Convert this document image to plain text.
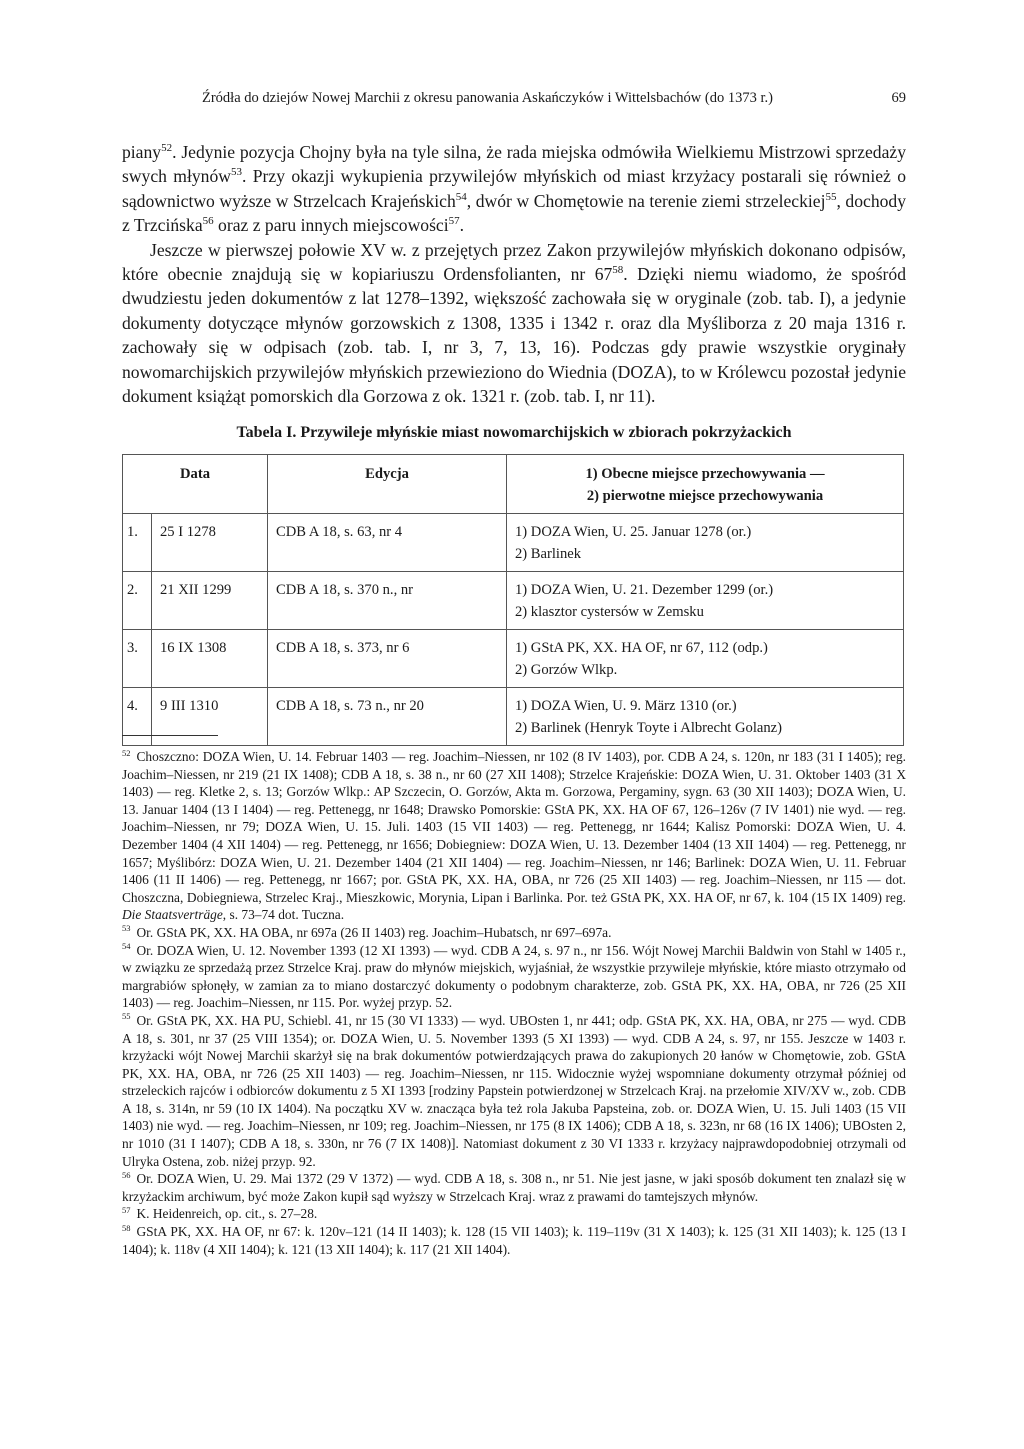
Źródła do dziejów Nowej Marchii z okresu panowania Askańczyków i Wittelsbachów (do 1373 r.)	69

piany$^{52}$. Jedynie pozycja Chojny była na tyle silna, że rada miejska odmówiła Wielkiemu Mistrzowi sprzedaży swych młynów$^{53}$. Przy okazji wykupienia przywilejów młyńskich od miast krzyżacy postarali się również o sądownictwo wyższe w Strzelcach Krajeńskich$^{54}$, dwór w Chomętowie na terenie ziemi strzeleckiej$^{55}$, dochody z Trzcińska$^{56}$ oraz z paru innych miejscowości$^{57}$.

Jeszcze w pierwszej połowie XV w. z przejętych przez Zakon przywilejów młyńskich dokonano odpisów, które obecnie znajdują się w kopiariuszu Ordensfolianten, nr $67^{58}$. Dzięki niemu wiadomo, że spośród dwudziestu jeden dokumentów z lat 1278–1392, większość zachowała się w oryginale (zob. tab. I), a jedynie dokumenty dotyczące młynów gorzowskich z 1308, 1335 i 1342 r. oraz dla Myśliborza z 20 maja 1316 r. zachowały się w odpisach (zob. tab. I, nr 3, 7, 13, 16). Podczas gdy prawie wszystkie oryginały nowomarchijskich przywilejów młyńskich przewieziono do Wiednia (DOZA), to w Królewcu pozostał jedynie dokument książąt pomorskich dla Gorzowa z ok. 1321 r. (zob. tab. I, nr 11).

Tabela I. Przywileje młyńskie miast nowomarchijskich w zbiorach pokrzyżackich
Data		Edycja	1) Obecne miejsce przechowywania —
2) pierwotne miejsce przechowywania

1.	25 I 1278	CDB A 18, s. 63, nr 4	1) DOZA Wien, U. 25. Januar 1278 (or.)
2) Barlinek

2.	21 XII 1299	CDB A 18, s. 370 n., nr	1) DOZA Wien, U. 21. Dezember 1299 (or.)
2) klasztor cystersów w Zemsku

3.	16 IX 1308	CDB A 18, s. 373, nr 6	1) GStA PK, XX. HA OF, nr 67, 112 (odp.)
2) Gorzów Wlkp.

4.	9 III 1310	CDB A 18, s. 73 n., nr 20	1) DOZA Wien, U. 9. März 1310 (or.)
2) Barlinek (Henryk Toyte i Albrecht Golanz)

$^{52}$ Choszczno: DOZA Wien, U. 14. Februar 1403 — reg. Joachim–Niessen, nr 102 (8 IV 1403), por. CDB A 24, s. 120n, nr 183 (31 I 1405); reg. Joachim–Niessen, nr 219 (21 IX 1408); CDB A 18, s. 38 n., nr 60 (27 XII 1408); Strzelce Krajeńskie: DOZA Wien, U. 31. Oktober 1403 (31 X 1403) — reg. Kletke 2, s. 13; Gorzów Wlkp.: AP Szczecin, O. Gorzów, Akta m. Gorzowa, Pergaminy, sygn. 63 (30 XII 1403); DOZA Wien, U. 13. Januar 1404 (13 I 1404) — reg. Pettenegg, nr 1648; Drawsko Pomorskie: GStA PK, XX. HA OF 67, 126–126v (7 IV 1401) nie wyd. — reg. Joachim–Niessen, nr 79; DOZA Wien, U. 15. Juli. 1403 (15 VII 1403) — reg. Pettenegg, nr 1644; Kalisz Pomorski: DOZA Wien, U. 4. Dezember 1404 (4 XII 1404) — reg. Pettenegg, nr 1656; Dobiegniew: DOZA Wien, U. 13. Dezember 1404 (13 XII 1404) — reg. Pettenegg, nr 1657; Myślibórz: DOZA Wien, U. 21. Dezember 1404 (21 XII 1404) — reg. Joachim–Niessen, nr 146; Barlinek: DOZA Wien, U. 11. Februar 1406 (11 II 1406) — reg. Pettenegg, nr 1667; por. GStA PK, XX. HA, OBA, nr 726 (25 XII 1403) — reg. Joachim–Niessen, nr 115 — dot. Choszczna, Dobiegniewa, Strzelec Kraj., Mieszkowic, Morynia, Lipan i Barlinka. Por. też GStA PK, XX. HA OF, nr 67, k. 104 (15 IX 1409) reg. Die Staatsverträge, s. 73–74 dot. Tuczna.

$^{53}$ Or. GStA PK, XX. HA OBA, nr 697a (26 II 1403) reg. Joachim–Hubatsch, nr 697–697a.

$^{54}$ Or. DOZA Wien, U. 12. November 1393 (12 XI 1393) — wyd. CDB A 24, s. 97 n., nr 156. Wójt Nowej Marchii Baldwin von Stahl w 1405 r., w związku ze sprzedażą przez Strzelce Kraj. praw do młynów miejskich, wyjaśniał, że wszystkie przywileje młyńskie, które miasto otrzymało od margrabiów spłonęły, w zamian za to miano dostarczyć dokumenty o podobnym charakterze, zob. GStA PK, XX. HA, OBA, nr 726 (25 XII 1403) — reg. Joachim–Niessen, nr 115. Por. wyżej przyp. 52.

$^{55}$ Or. GStA PK, XX. HA PU, Schiebl. 41, nr 15 (30 VI 1333) — wyd. UBOsten 1, nr 441; odp. GStA PK, XX. HA, OBA, nr 275 — wyd. CDB A 18, s. 301, nr 37 (25 VIII 1354); or. DOZA Wien, U. 5. November 1393 (5 XI 1393) — wyd. CDB A 24, s. 97, nr 155. Jeszcze w 1403 r. krzyżacki wójt Nowej Marchii skarżył się na brak dokumentów potwierdzających prawa do zakupionych 20 łanów w Chomętowie, zob. GStA PK, XX. HA, OBA, nr 726 (25 XII 1403) — reg. Joachim–Niessen, nr 115. Widocznie wyżej wspomniane dokumenty otrzymał później od strzeleckich rajców i odbiorców dokumentu z 5 XI 1393 [rodziny Papstein potwierdzonej w Strzelcach Kraj. na przełomie XIV/XV w., zob. CDB A 18, s. 314n, nr 59 (10 IX 1404). Na początku XV w. znacząca była też rola Jakuba Papsteina, zob. or. DOZA Wien, U. 15. Juli 1403 (15 VII 1403) nie wyd. — reg. Joachim–Niessen, nr 109; reg. Joachim–Niessen, nr 175 (8 IX 1406); CDB A 18, s. 323n, nr 68 (16 IX 1406); UBOsten 2, nr 1010 (31 I 1407); CDB A 18, s. 330n, nr 76 (7 IX 1408)]. Natomiast dokument z 30 VI 1333 r. krzyżacy najprawdopodobniej otrzymali od Ulryka Ostena, zob. niżej przyp. 92.

$^{56}$ Or. DOZA Wien, U. 29. Mai 1372 (29 V 1372) — wyd. CDB A 18, s. 308 n., nr 51. Nie jest jasne, w jaki sposób dokument ten znalazł się w krzyżackim archiwum, być może Zakon kupił sąd wyższy w Strzelcach Kraj. wraz z prawami do tamtejszych młynów.

$^{57}$ K. Heidenreich, op. cit., s. 27–28.

$^{58}$ GStA PK, XX. HA OF, nr 67: k. 120v–121 (14 II 1403); k. 128 (15 VII 1403); k. 119–119v (31 X 1403); k. 125 (31 XII 1403); k. 125 (13 I 1404); k. 118v (4 XII 1404); k. 121 (13 XII 1404); k. 117 (21 XII 1404).
